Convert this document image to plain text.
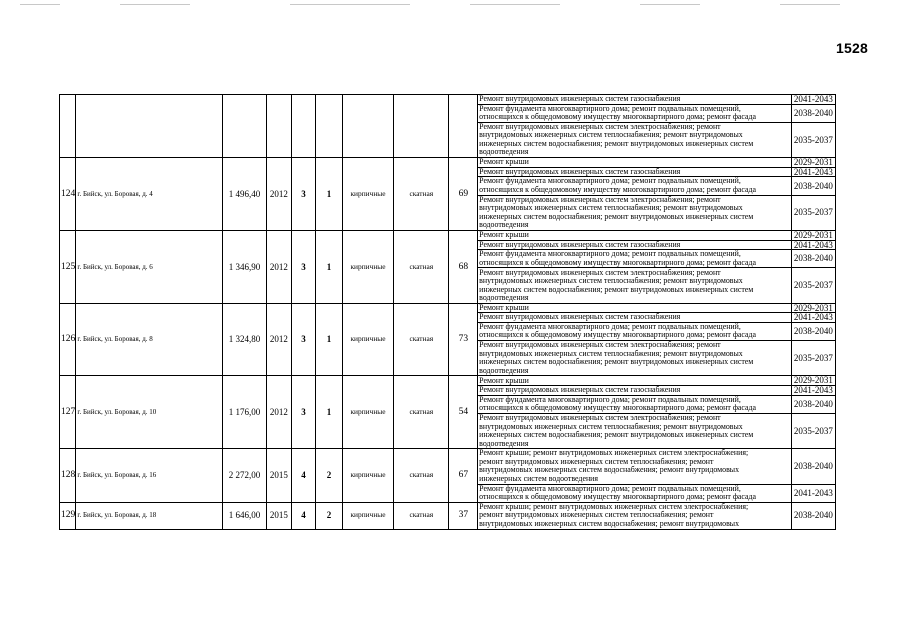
1528

									Ремонт внутридомовых инженерных систем газоснабжения	2041-2043

									Ремонт фундамента многоквартирного дома; ремонт подвальных помещений,
относящихся к общедомовому имуществу многоквартирного дома; ремонт фасада	2038-2040

									Ремонт внутридомовых инженерных систем электроснабжения; ремонт
внутридомовых инженерных систем теплоснабжения; ремонт внутридомовых
инженерных систем водоснабжения; ремонт внутридомовых инженерных систем
водоотведения	2035-2037
124	г. Бийск, ул. Боровая, д. 4	1 496,40	2012	3	1	кирпичные	скатная	69	Ремонт крыши	2029-2031

									Ремонт внутридомовых инженерных систем газоснабжения	2041-2043

									Ремонт фундамента многоквартирного дома; ремонт подвальных помещений,
относящихся к общедомовому имуществу многоквартирного дома; ремонт фасада	2038-2040

									Ремонт внутридомовых инженерных систем электроснабжения; ремонт
внутридомовых инженерных систем теплоснабжения; ремонт внутридомовых
инженерных систем водоснабжения; ремонт внутридомовых инженерных систем
водоотведения	2035-2037
125	г. Бийск, ул. Боровая, д. 6	1 346,90	2012	3	1	кирпичные	скатная	68	Ремонт крыши	2029-2031

									Ремонт внутридомовых инженерных систем газоснабжения	2041-2043

									Ремонт фундамента многоквартирного дома; ремонт подвальных помещений,
относящихся к общедомовому имуществу многоквартирного дома; ремонт фасада	2038-2040

									Ремонт внутридомовых инженерных систем электроснабжения; ремонт
внутридомовых инженерных систем теплоснабжения; ремонт внутридомовых
инженерных систем водоснабжения; ремонт внутридомовых инженерных систем
водоотведения	2035-2037
126	г. Бийск, ул. Боровая, д. 8	1 324,80	2012	3	1	кирпичные	скатная	73	Ремонт крыши	2029-2031

									Ремонт внутридомовых инженерных систем газоснабжения	2041-2043

									Ремонт фундамента многоквартирного дома; ремонт подвальных помещений,
относящихся к общедомовому имуществу многоквартирного дома; ремонт фасада	2038-2040

									Ремонт внутридомовых инженерных систем электроснабжения; ремонт
внутридомовых инженерных систем теплоснабжения; ремонт внутридомовых
инженерных систем водоснабжения; ремонт внутридомовых инженерных систем
водоотведения	2035-2037
127	г. Бийск, ул. Боровая, д. 10	1 176,00	2012	3	1	кирпичные	скатная	54	Ремонт крыши	2029-2031

									Ремонт внутридомовых инженерных систем газоснабжения	2041-2043

									Ремонт фундамента многоквартирного дома; ремонт подвальных помещений,
относящихся к общедомовому имуществу многоквартирного дома; ремонт фасада	2038-2040

									Ремонт внутридомовых инженерных систем электроснабжения; ремонт
внутридомовых инженерных систем теплоснабжения; ремонт внутридомовых
инженерных систем водоснабжения; ремонт внутридомовых инженерных систем
водоотведения	2035-2037
128	г. Бийск, ул. Боровая, д. 16	2 272,00	2015	4	2	кирпичные	скатная	67	Ремонт крыши; ремонт внутридомовых инженерных систем электроснабжения;
ремонт внутридомовых инженерных систем теплоснабжения; ремонт
внутридомовых инженерных систем водоснабжения; ремонт внутридомовых
инженерных систем водоотведения	2038-2040

									Ремонт фундамента многоквартирного дома; ремонт подвальных помещений,
относящихся к общедомовому имуществу многоквартирного дома; ремонт фасада	2041-2043
129	г. Бийск, ул. Боровая, д. 18	1 646,00	2015	4	2	кирпичные	скатная	37	Ремонт крыши; ремонт внутридомовых инженерных систем электроснабжения;
ремонт внутридомовых инженерных систем теплоснабжения; ремонт
внутридомовых инженерных систем водоснабжения; ремонт внутридомовых	2038-2040
